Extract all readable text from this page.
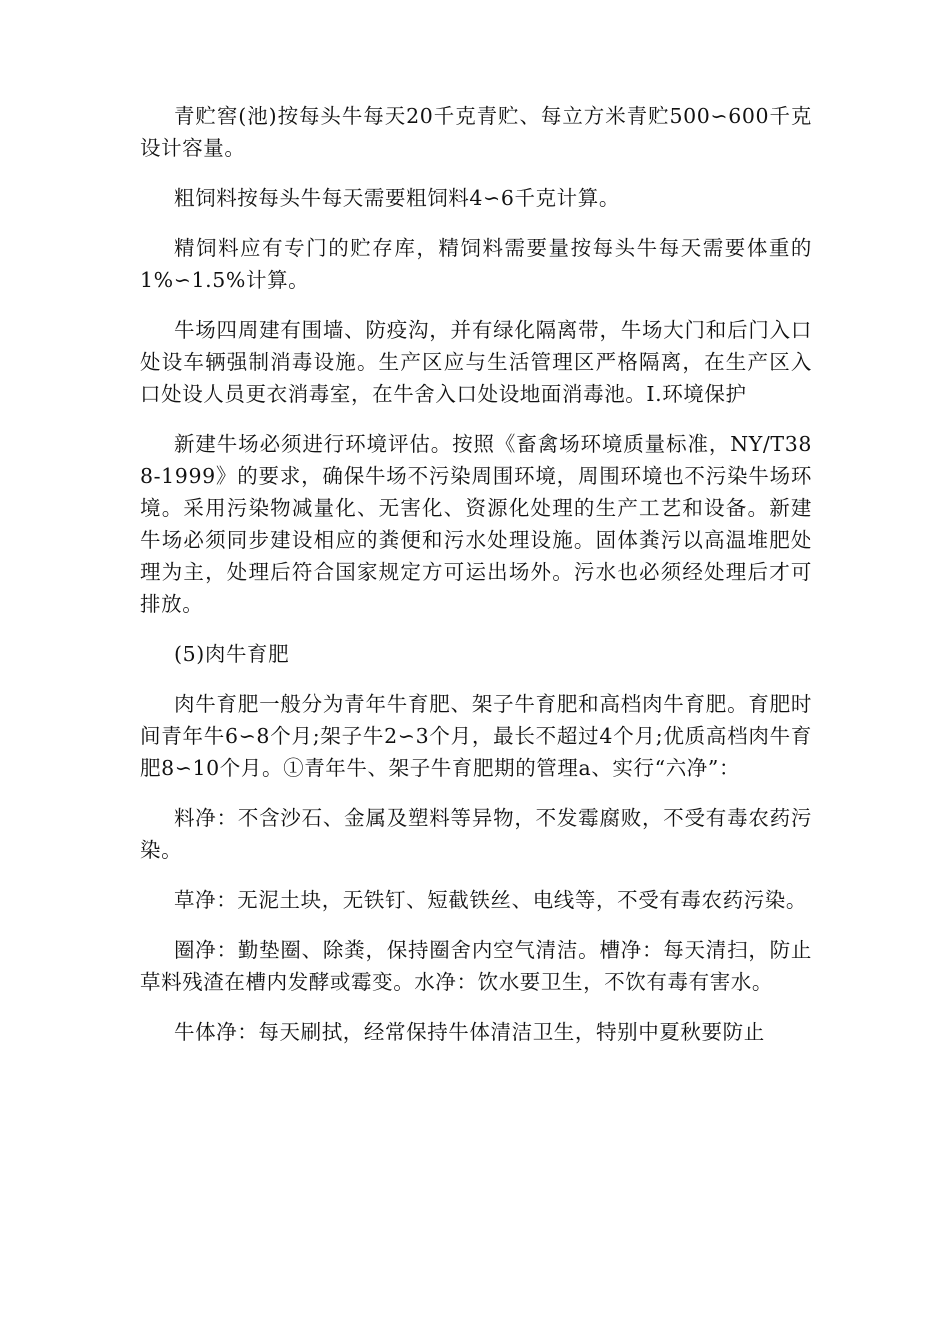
青贮窖(池)按每头牛每天20千克青贮、每立方米青贮500∽600千克设计容量。

粗饲料按每头牛每天需要粗饲料4∽6千克计算。

精饲料应有专门的贮存库，精饲料需要量按每头牛每天需要体重的1%∽1.5%计算。

牛场四周建有围墙、防疫沟，并有绿化隔离带，牛场大门和后门入口处设车辆强制消毒设施。生产区应与生活管理区严格隔离，在生产区入口处设人员更衣消毒室，在牛舍入口处设地面消毒池。I.环境保护

新建牛场必须进行环境评估。按照《畜禽场环境质量标准，NY/T388-1999》的要求，确保牛场不污染周围环境，周围环境也不污染牛场环境。采用污染物减量化、无害化、资源化处理的生产工艺和设备。新建牛场必须同步建设相应的粪便和污水处理设施。固体粪污以高温堆肥处理为主，处理后符合国家规定方可运出场外。污水也必须经处理后才可排放。

(5)肉牛育肥

肉牛育肥一般分为青年牛育肥、架子牛育肥和高档肉牛育肥。育肥时间青年牛6∽8个月;架子牛2∽3个月，最长不超过4个月;优质高档肉牛育肥8∽10个月。①青年牛、架子牛育肥期的管理a、实行“六净”：

料净：不含沙石、金属及塑料等异物，不发霉腐败，不受有毒农药污染。

草净：无泥土块，无铁钉、短截铁丝、电线等，不受有毒农药污染。

圈净：勤垫圈、除粪，保持圈舍内空气清洁。槽净：每天清扫，防止草料残渣在槽内发酵或霉变。水净：饮水要卫生，不饮有毒有害水。

牛体净：每天刷拭，经常保持牛体清洁卫生，特别中夏秋要防止
